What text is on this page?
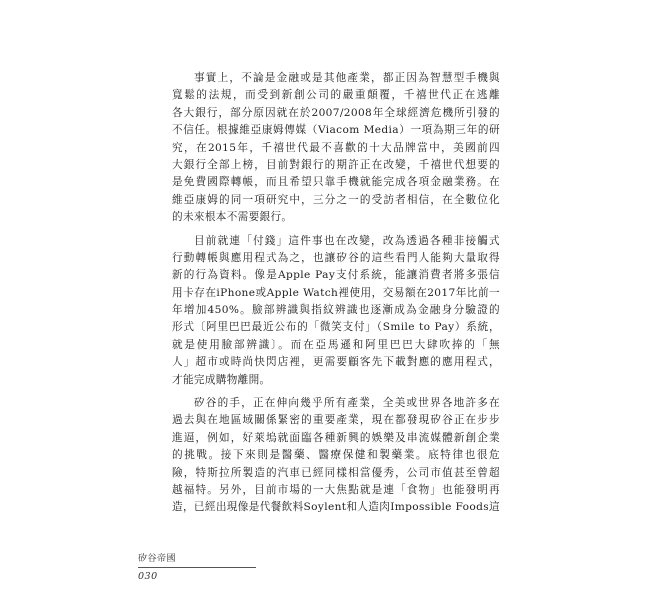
事實上，不論是金融或是其他產業，都正因為智慧型手機與
寬鬆的法規，而受到新創公司的嚴重顛覆，千禧世代正在逃離
各大銀行，部分原因就在於2007/2008年全球經濟危機所引發的
不信任。根據維亞康姆傳媒（Viacom Media）一項為期三年的研
究，在2015年，千禧世代最不喜歡的十大品牌當中，美國前四
大銀行全部上榜，目前對銀行的期許正在改變，千禧世代想要的
是免費國際轉帳，而且希望只靠手機就能完成各項金融業務。在
維亞康姆的同一項研究中，三分之一的受訪者相信，在全數位化
的未來根本不需要銀行。
目前就連「付錢」這件事也在改變，改為透過各種非接觸式
行動轉帳與應用程式為之，也讓矽谷的這些看門人能夠大量取得
新的行為資料。像是Apple Pay支付系統，能讓消費者將多張信
用卡存在iPhone或Apple Watch裡使用，交易額在2017年比前一
年增加450%。臉部辨識與指紋辨識也逐漸成為金融身分驗證的
形式〔阿里巴巴最近公布的「微笑支付」（Smile to Pay）系統，
就是使用臉部辨識〕。而在亞馬遜和阿里巴巴大肆吹捧的「無
人」超市或時尚快閃店裡，更需要顧客先下載對應的應用程式，
才能完成購物離開。
矽谷的手，正在伸向幾乎所有產業，全美或世界各地許多在
過去與在地區域關係緊密的重要產業，現在都發現矽谷正在步步
進逼，例如，好萊塢就面臨各種新興的娛樂及串流媒體新創企業
的挑戰。接下來則是醫藥、醫療保健和製藥業。底特律也很危
險，特斯拉所製造的汽車已經同樣相當優秀，公司市值甚至曾超
越福特。另外，目前市場的一大焦點就是連「食物」也能發明再
造，已經出現像是代餐飲料Soylent和人造肉Impossible Foods這
矽谷帝國
030
